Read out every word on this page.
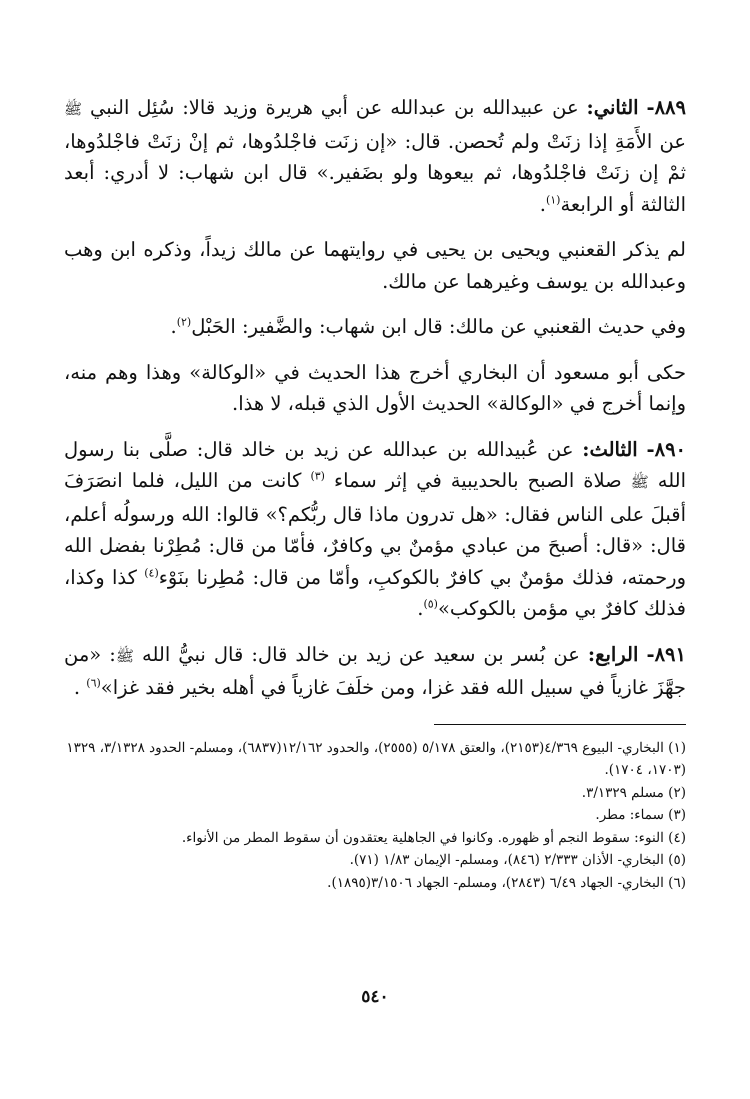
٨٨٩- الثاني: عن عبيدالله بن عبدالله عن أبي هريرة وزيد قالا: سُئِل النبي ﷺ عن الأَمَةِ إذا زنَتْ ولم تُحصن. قال: «إن زنَت فاجْلدُوها، ثم إنْ زنَتْ فاجْلدُوها، ثمْ إن زنَتْ فاجْلدُوها، ثم بيعوها ولو بضَفير.» قال ابن شهاب: لا أدري: أبعد الثالثة أو الرابعة$^{(١)}$.

لم يذكر القعنبي ويحيى بن يحيى في روايتهما عن مالك زيداً، وذكره ابن وهب وعبدالله بن يوسف وغيرهما عن مالك.

وفي حديث القعنبي عن مالك: قال ابن شهاب: والضَّفير: الحَبْل$^{(٢)}$.

حكى أبو مسعود أن البخاري أخرج هذا الحديث في «الوكالة» وهذا وهم منه، وإنما أخرج في «الوكالة» الحديث الأول الذي قبله، لا هذا.

٨٩٠- الثالث: عن عُبيدالله بن عبدالله عن زيد بن خالد قال: صلَّى بنا رسول الله ﷺ صلاة الصبح بالحديبية في إثر سماء $^{(٣)}$ كانت من الليل، فلما انصَرَفَ أقبلَ على الناس فقال: «هل تدرون ماذا قال ربُّكم؟» قالوا: الله ورسولُه أعلم، قال: «قال: أصبحَ من عبادي مؤمنٌ بي وكافرٌ، فأمّا من قال: مُطِرْنا بفضل الله ورحمته، فذلك مؤمنٌ بي كافرٌ بالكوكبِ، وأمّا من قال: مُطِرنا بنَوْء$^{(٤)}$ كذا وكذا، فذلك كافرٌ بي مؤمن بالكوكب»$^{(٥)}$.

٨٩١- الرابع: عن بُسر بن سعيد عن زيد بن خالد قال: قال نبيُّ الله ﷺ: «من جهَّزَ غازياً في سبيل الله فقد غزا، ومن خلَفَ غازياً في أهله بخير فقد غزا»$^{(٦)}$ .

(١) البخاري- البيوع ٤/٣٦٩(٢١٥٣)، والعتق ٥/١٧٨ (٢٥٥٥)، والحدود ١٢/١٦٢(٦٨٣٧)، ومسلم- الحدود ٣/١٣٢٨، ١٣٢٩ (١٧٠٣، ١٧٠٤).

(٢) مسلم ٣/١٣٢٩.

(٣) سماء: مطر.

(٤) النوء: سقوط النجم أو ظهوره. وكانوا في الجاهلية يعتقدون أن سقوط المطر من الأنواء.

(٥) البخاري- الأذان ٢/٣٣٣ (٨٤٦)، ومسلم- الإيمان ١/٨٣ (٧١).

(٦) البخاري- الجهاد ٦/٤٩ (٢٨٤٣)، ومسلم- الجهاد ٣/١٥٠٦(١٨٩٥).

٥٤٠
